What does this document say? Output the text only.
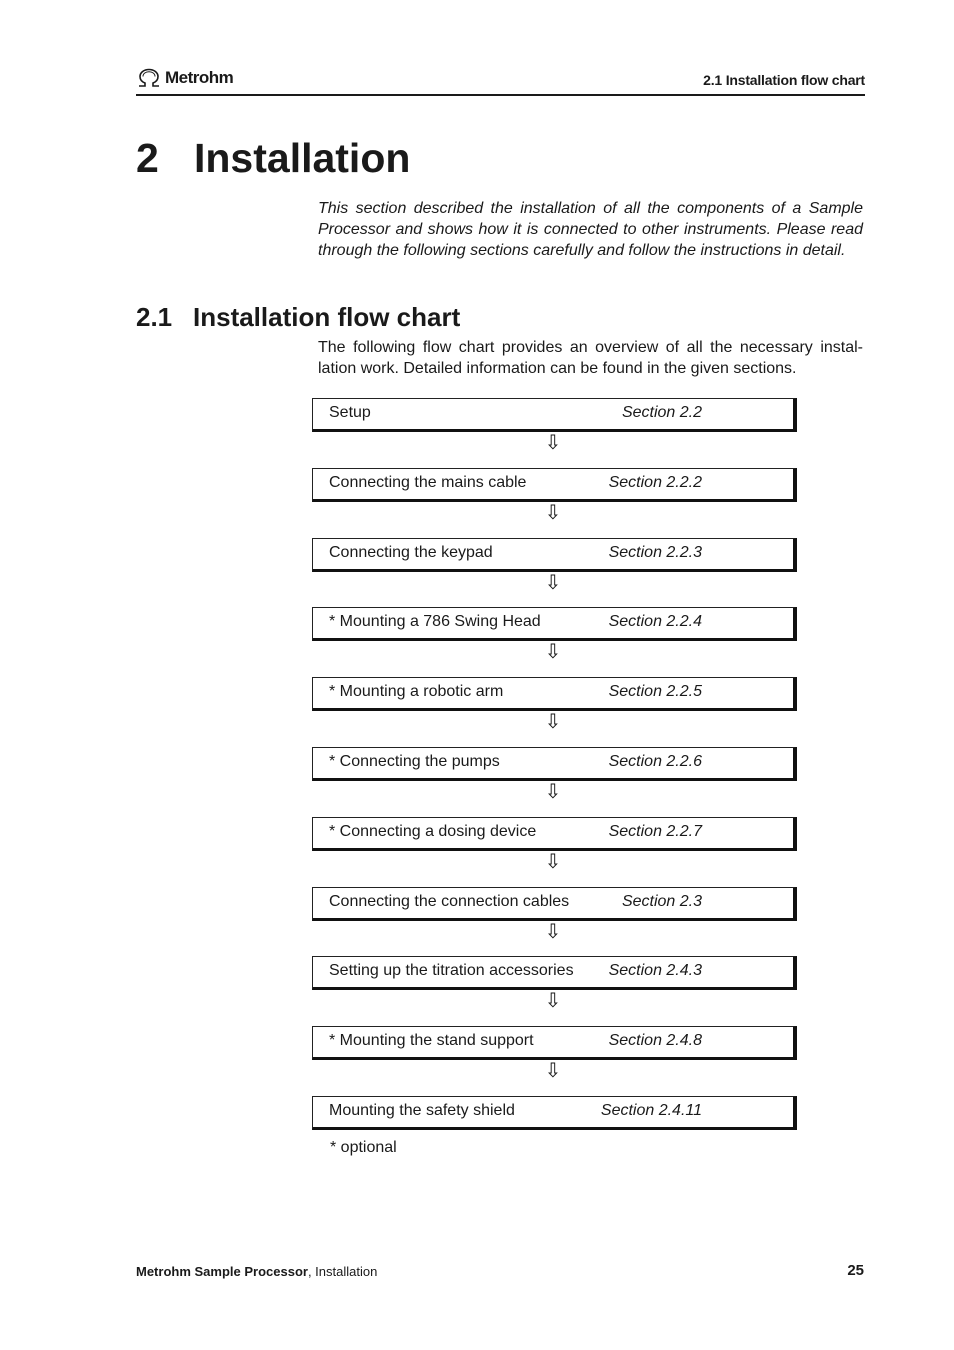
Metrohm	2.1 Installation flow chart
2 Installation

This section described the installation of all the components of a Sample Processor and shows how it is connected to other instruments. Please read through the following sections carefully and follow the instructions in detail.

2.1 Installation flow chart

The following flow chart provides an overview of all the necessary instal-lation work. Detailed information can be found in the given sections.

Setup	Section 2.2
⇩
Connecting the mains cable	Section 2.2.2
⇩
Connecting the keypad	Section 2.2.3
⇩
* Mounting a 786 Swing Head	Section 2.2.4
⇩
* Mounting a robotic arm	Section 2.2.5
⇩
* Connecting the pumps	Section 2.2.6
⇩
* Connecting a dosing device	Section 2.2.7
⇩
Connecting the connection cables	Section 2.3
⇩
Setting up the titration accessories Section 2.4.3
⇩
* Mounting the stand support	Section 2.4.8
⇩
Mounting the safety shield	Section 2.4.11

* optional

Metrohm Sample Processor, Installation	25
